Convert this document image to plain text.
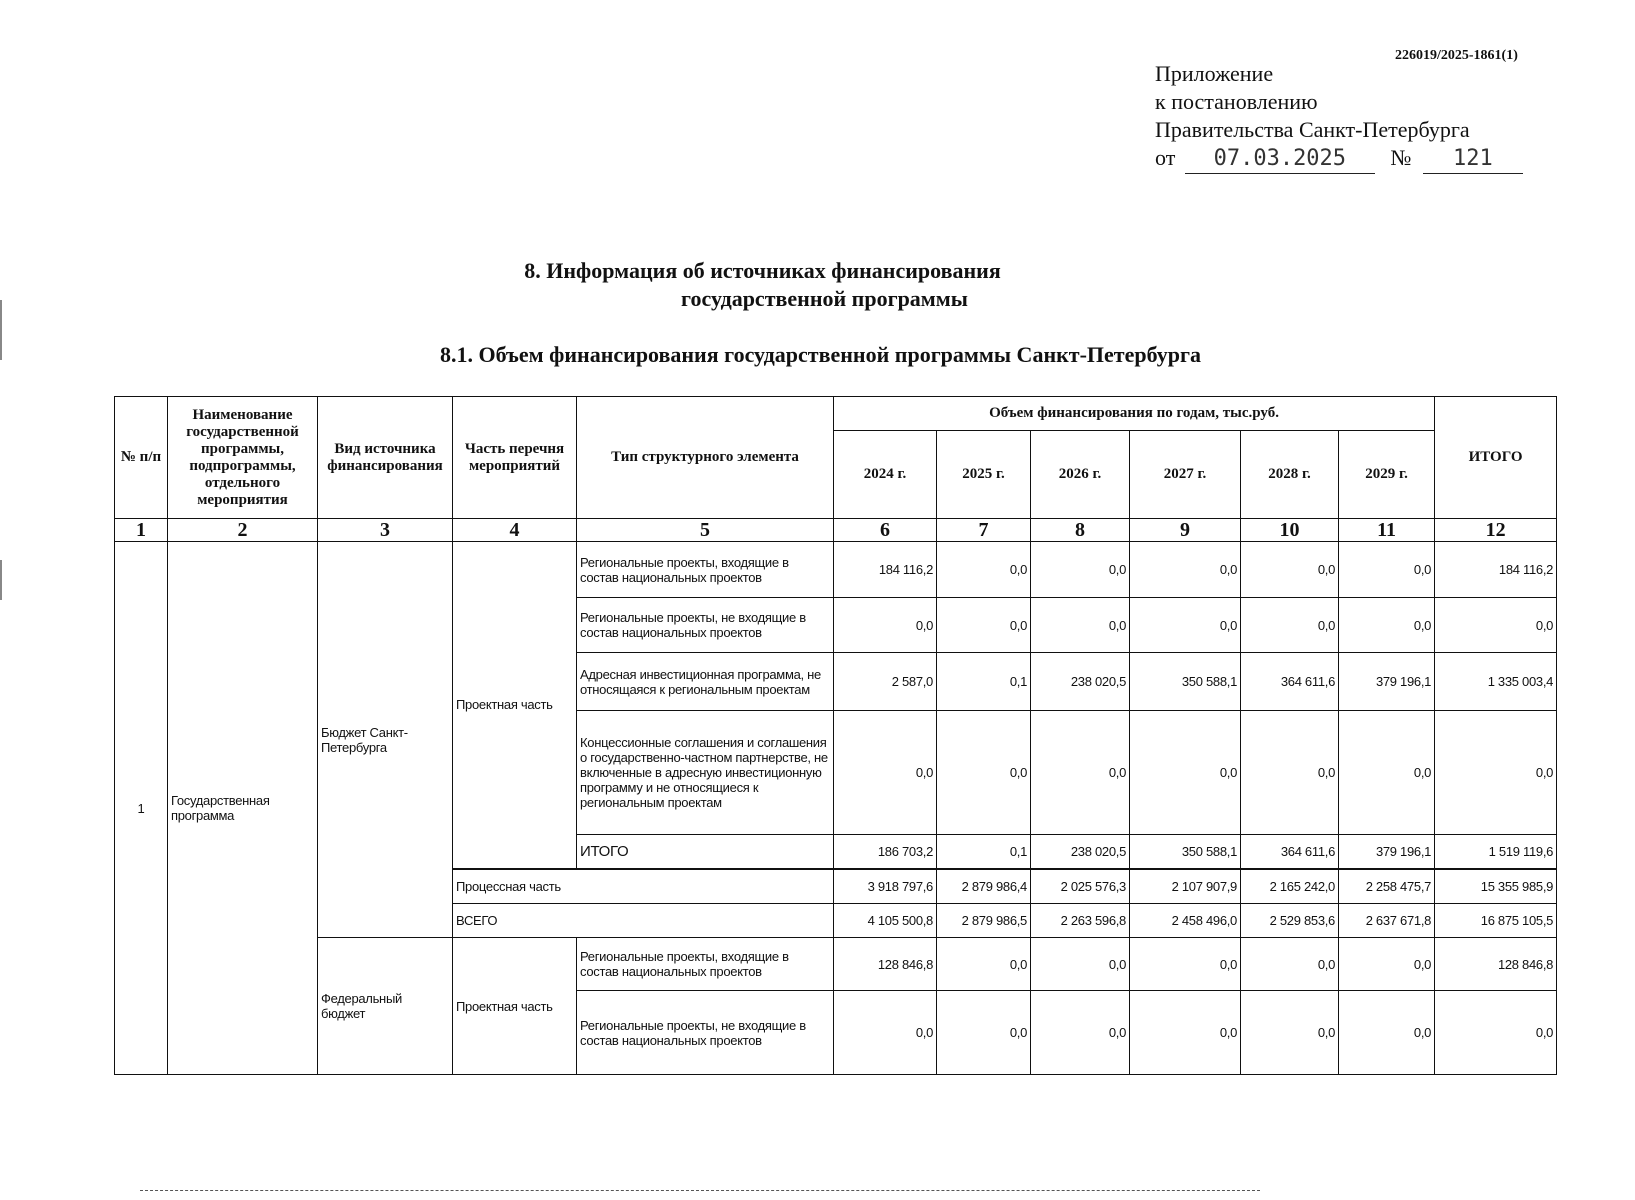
226019/2025-1861(1)
Приложение
к постановлению
Правительства Санкт-Петербурга
от 07.03.2025 № 121
8. Информация об источниках финансирования
государственной программы
8.1. Объем финансирования государственной программы Санкт-Петербурга
№ п/п	Наименование государственной программы, подпрограммы, отдельного мероприятия	Вид источника финансирования	Часть перечня мероприятий	Тип структурного элемента	Объем финансирования по годам, тыс.руб.						ИТОГО
					2024 г.	2025 г.	2026 г.	2027 г.	2028 г.	2029 г.	
1	2	3	4	5	6	7	8	9	10	11	12
1	Государственная программа	Бюджет Санкт-Петербурга	Проектная часть	Региональные проекты, входящие в состав национальных проектов	184 116,2	0,0	0,0	0,0	0,0	0,0	184 116,2
				Региональные проекты, не входящие в состав национальных проектов	0,0	0,0	0,0	0,0	0,0	0,0	0,0
				Адресная инвестиционная программа, не относящаяся к региональным проектам	2 587,0	0,1	238 020,5	350 588,1	364 611,6	379 196,1	1 335 003,4
				Концессионные соглашения и соглашения о государственно-частном партнерстве, не включенные в адресную инвестиционную программу и не относящиеся к региональным проектам	0,0	0,0	0,0	0,0	0,0	0,0	0,0
				ИТОГО	186 703,2	0,1	238 020,5	350 588,1	364 611,6	379 196,1	1 519 119,6

			Процессная часть		3 918 797,6	2 879 986,4	2 025 576,3	2 107 907,9	2 165 242,0	2 258 475,7	15 355 985,9
			ВСЕГО		4 105 500,8	2 879 986,5	2 263 596,8	2 458 496,0	2 529 853,6	2 637 671,8	16 875 105,5
		Федеральный бюджет	Проектная часть	Региональные проекты, входящие в состав национальных проектов	128 846,8	0,0	0,0	0,0	0,0	0,0	128 846,8
				Региональные проекты, не входящие в состав национальных проектов	0,0	0,0	0,0	0,0	0,0	0,0	0,0
